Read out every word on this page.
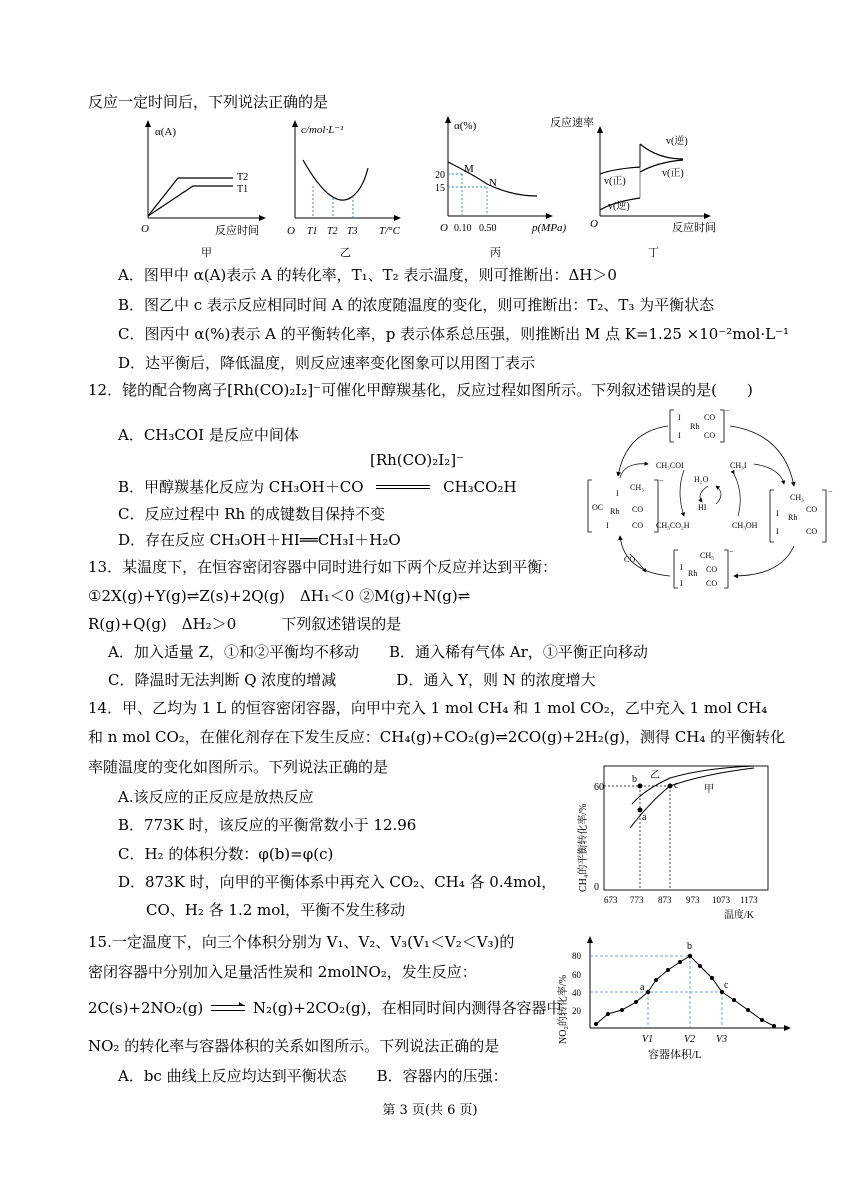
反应一定时间后，下列说法正确的是
α(A)
T2
T1
O	反应时间
甲
c/mol·L⁻¹
O T1 T2 T3 T/°C
乙
α(%)
20
15
M
N
O 0.10 0.50	p(MPa)
丙
反应速率
v(正)
v(逆)
v(逆)
v(正)
O	反应时间
丁
A．图甲中 α(A)表示 A 的转化率，T₁、T₂ 表示温度，则可推断出：ΔH＞0
B．图乙中 c 表示反应相同时间 A 的浓度随温度的变化，则可推断出：T₂、T₃ 为平衡状态
C．图丙中 α(%)表示 A 的平衡转化率，p 表示体系总压强，则推断出 M 点 K=1.25 ×10⁻²mol·L⁻¹
D．达平衡后，降低温度，则反应速率变化图象可以用图丁表示
12．铑的配合物离子[Rh(CO)₂I₂]⁻可催化甲醇羰基化，反应过程如图所示。下列叙述错误的是(　　)
A．CH₃COI 是反应中间体
[Rh(CO)₂I₂]⁻
B．甲醇羰基化反应为 CH₃OH＋CO	CH₃CO₂H
C．反应过程中 Rh 的成键数目保持不变
D．存在反应 CH₃OH＋HI══CH₃I＋H₂O
I
I
Rh
CO
CO
−
OC
I
Rh
CH₃
CO
I	CO
−
CH₃
I Rh
CO
I	CO
−
CH₃
I
Rh CO
I	CO
−
CH₃COI	CH₃I
H₂O
HI
CH₃CO₂H	CH₃OH
CO
13．某温度下，在恒容密闭容器中同时进行如下两个反应并达到平衡：
①2X(g)+Y(g)⇌Z(s)+2Q(g)　ΔH₁＜0 ②M(g)+N(g)⇌
R(g)+Q(g)　ΔH₂＞0　　　下列叙述错误的是
A．加入适量 Z，①和②平衡均不移动　　B．通入稀有气体 Ar，①平衡正向移动
C．降温时无法判断 Q 浓度的增减　　　　D．通入 Y，则 N 的浓度增大
14．甲、乙均为 1 L 的恒容密闭容器，向甲中充入 1 mol CH₄ 和 1 mol CO₂，乙中充入 1 mol CH₄
和 n mol CO₂，在催化剂存在下发生反应：CH₄(g)+CO₂(g)⇌2CO(g)+2H₂(g)，测得 CH₄ 的平衡转化
率随温度的变化如图所示。下列说法正确的是
A.该反应的正反应是放热反应
B．773K 时，该反应的平衡常数小于 12.96
C．H₂ 的体积分数：φ(b)=φ(c)
D．873K 时，向甲的平衡体系中再充入 CO₂、CH₄ 各 0.4mol，
CO、H₂ 各 1.2 mol，平衡不发生移动
CH₄的平衡转化率/%
60
0
b
a
c
乙
甲
673 773 873 973 1073 1173
温度/K
15.一定温度下，向三个体积分别为 V₁、V₂、V₃(V₁＜V₂＜V₃)的
密闭容器中分别加入足量活性炭和 2molNO₂，发生反应：
2C(s)+2NO₂(g)	N₂(g)+2CO₂(g)，在相同时间内测得各容器中
NO₂ 的转化率与容器体积的关系如图所示。下列说法正确的是
A．bc 曲线上反应均达到平衡状态　　B．容器内的压强：
NO₂的转化率/%
80
60
40
20
a
b
c
V1	V2 V3
容器体积/L
第 3 页(共 6 页)
